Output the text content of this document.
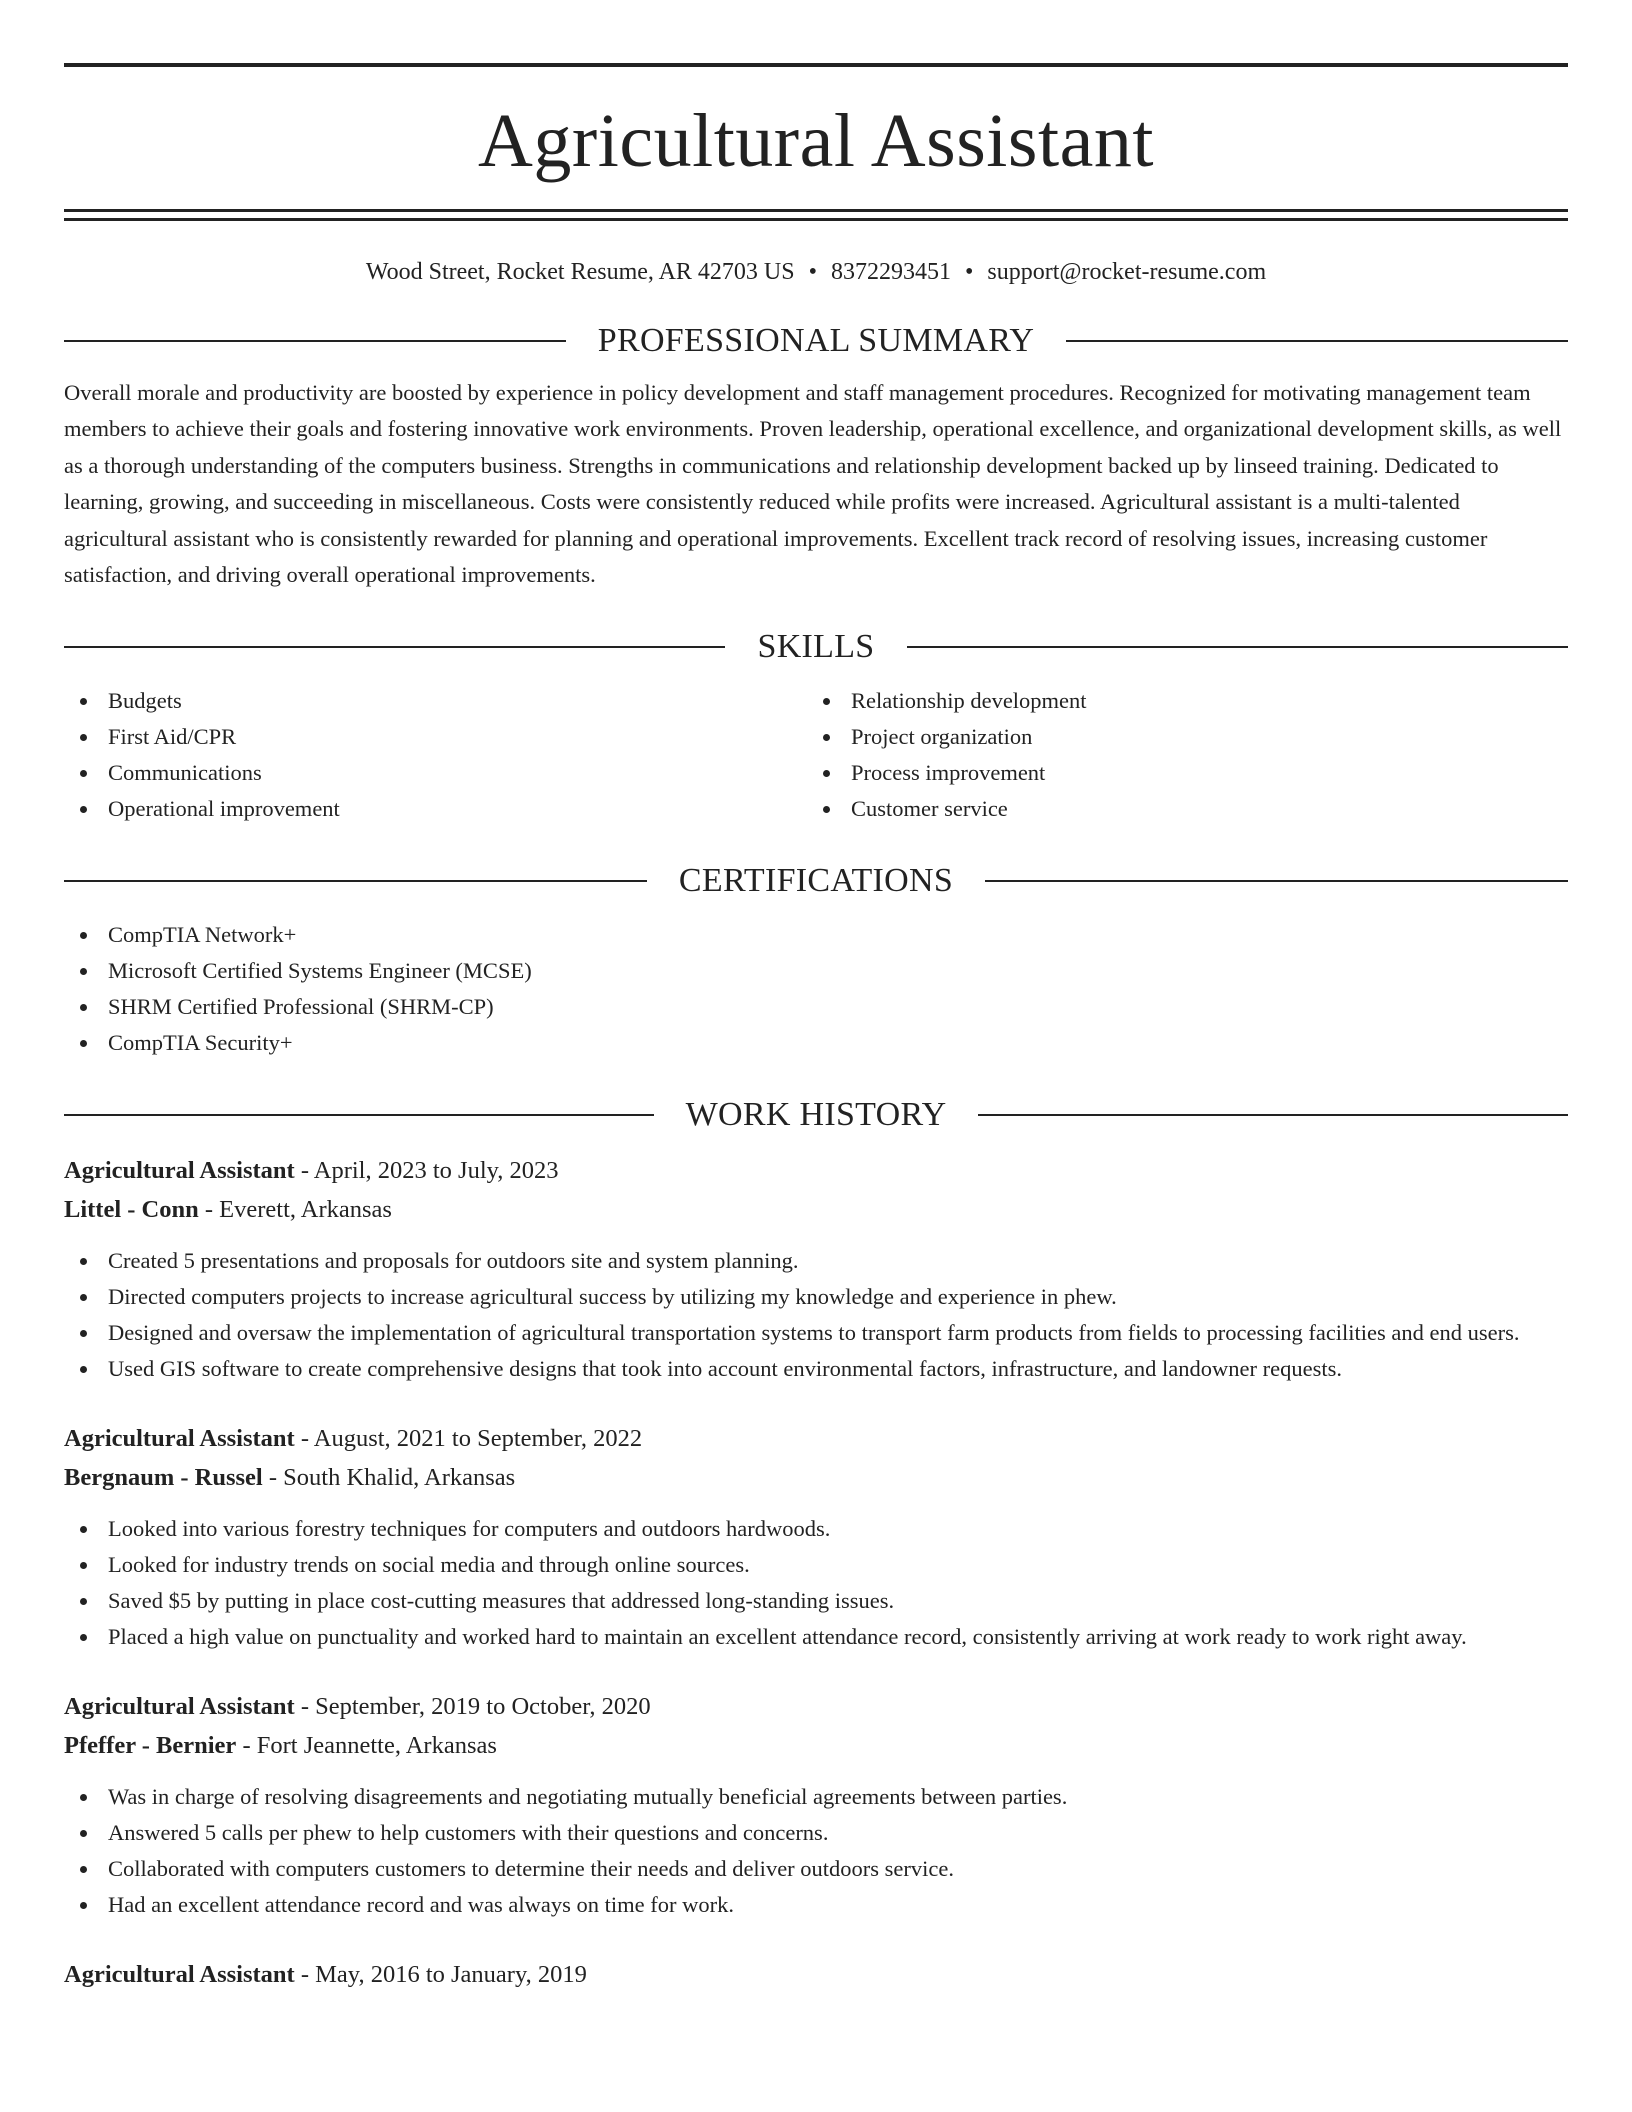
Agricultural Assistant
Wood Street, Rocket Resume, AR 42703 US • 8372293451 • support@rocket-resume.com
PROFESSIONAL SUMMARY
Overall morale and productivity are boosted by experience in policy development and staff management procedures. Recognized for motivating management team members to achieve their goals and fostering innovative work environments. Proven leadership, operational excellence, and organizational development skills, as well as a thorough understanding of the computers business. Strengths in communications and relationship development backed up by linseed training. Dedicated to learning, growing, and succeeding in miscellaneous. Costs were consistently reduced while profits were increased. Agricultural assistant is a multi-talented agricultural assistant who is consistently rewarded for planning and operational improvements. Excellent track record of resolving issues, increasing customer satisfaction, and driving overall operational improvements.
SKILLS
Budgets
First Aid/CPR
Communications
Operational improvement
Relationship development
Project organization
Process improvement
Customer service
CERTIFICATIONS
CompTIA Network+
Microsoft Certified Systems Engineer (MCSE)
SHRM Certified Professional (SHRM-CP)
CompTIA Security+
WORK HISTORY
Agricultural Assistant - April, 2023 to July, 2023
Littel - Conn - Everett, Arkansas
Created 5 presentations and proposals for outdoors site and system planning.
Directed computers projects to increase agricultural success by utilizing my knowledge and experience in phew.
Designed and oversaw the implementation of agricultural transportation systems to transport farm products from fields to processing facilities and end users.
Used GIS software to create comprehensive designs that took into account environmental factors, infrastructure, and landowner requests.
Agricultural Assistant - August, 2021 to September, 2022
Bergnaum - Russel - South Khalid, Arkansas
Looked into various forestry techniques for computers and outdoors hardwoods.
Looked for industry trends on social media and through online sources.
Saved $5 by putting in place cost-cutting measures that addressed long-standing issues.
Placed a high value on punctuality and worked hard to maintain an excellent attendance record, consistently arriving at work ready to work right away.
Agricultural Assistant - September, 2019 to October, 2020
Pfeffer - Bernier - Fort Jeannette, Arkansas
Was in charge of resolving disagreements and negotiating mutually beneficial agreements between parties.
Answered 5 calls per phew to help customers with their questions and concerns.
Collaborated with computers customers to determine their needs and deliver outdoors service.
Had an excellent attendance record and was always on time for work.
Agricultural Assistant - May, 2016 to January, 2019
